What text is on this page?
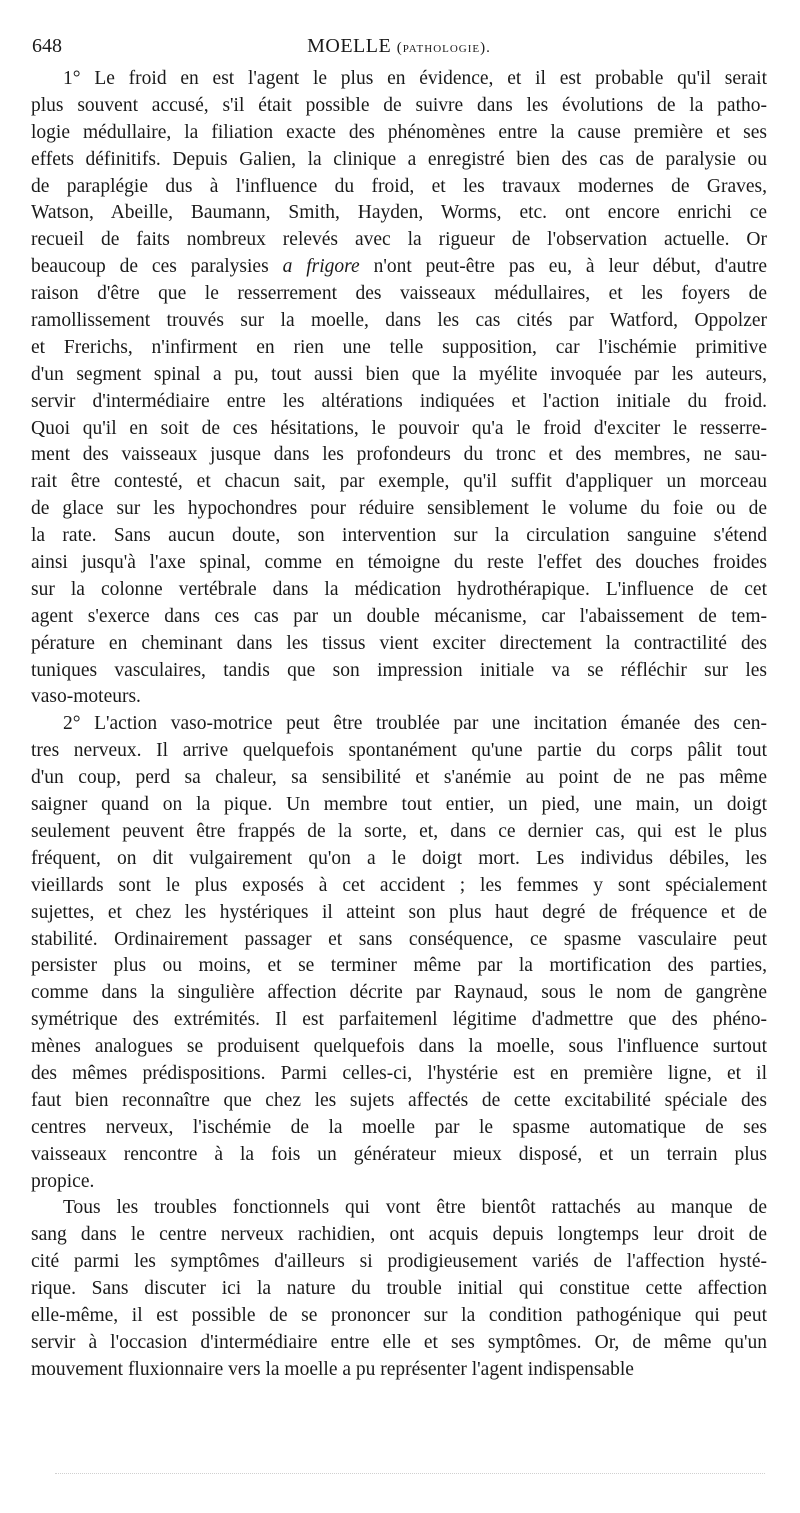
648	MOELLE (pathologie).
1° Le froid en est l'agent le plus en évidence, et il est probable qu'il serait
plus souvent accusé, s'il était possible de suivre dans les évolutions de la patho-
logie médullaire, la filiation exacte des phénomènes entre la cause première et ses
effets définitifs. Depuis Galien, la clinique a enregistré bien des cas de paralysie ou
de paraplégie dus à l'influence du froid, et les travaux modernes de Graves,
Watson, Abeille, Baumann, Smith, Hayden, Worms, etc. ont encore enrichi ce
recueil de faits nombreux relevés avec la rigueur de l'observation actuelle. Or
beaucoup de ces paralysies a frigore n'ont peut-être pas eu, à leur début, d'autre
raison d'être que le resserrement des vaisseaux médullaires, et les foyers de
ramollissement trouvés sur la moelle, dans les cas cités par Watford, Oppolzer
et Frerichs, n'infirment en rien une telle supposition, car l'ischémie primitive
d'un segment spinal a pu, tout aussi bien que la myélite invoquée par les auteurs,
servir d'intermédiaire entre les altérations indiquées et l'action initiale du froid.
Quoi qu'il en soit de ces hésitations, le pouvoir qu'a le froid d'exciter le resserre-
ment des vaisseaux jusque dans les profondeurs du tronc et des membres, ne sau-
rait être contesté, et chacun sait, par exemple, qu'il suffit d'appliquer un morceau
de glace sur les hypochondres pour réduire sensiblement le volume du foie ou de
la rate. Sans aucun doute, son intervention sur la circulation sanguine s'étend
ainsi jusqu'à l'axe spinal, comme en témoigne du reste l'effet des douches froides
sur la colonne vertébrale dans la médication hydrothérapique. L'influence de cet
agent s'exerce dans ces cas par un double mécanisme, car l'abaissement de tem-
pérature en cheminant dans les tissus vient exciter directement la contractilité des
tuniques vasculaires, tandis que son impression initiale va se réfléchir sur les
vaso-moteurs.
2° L'action vaso-motrice peut être troublée par une incitation émanée des cen-
tres nerveux. Il arrive quelquefois spontanément qu'une partie du corps pâlit tout
d'un coup, perd sa chaleur, sa sensibilité et s'anémie au point de ne pas même
saigner quand on la pique. Un membre tout entier, un pied, une main, un doigt
seulement peuvent être frappés de la sorte, et, dans ce dernier cas, qui est le plus
fréquent, on dit vulgairement qu'on a le doigt mort. Les individus débiles, les
vieillards sont le plus exposés à cet accident ; les femmes y sont spécialement
sujettes, et chez les hystériques il atteint son plus haut degré de fréquence et de
stabilité. Ordinairement passager et sans conséquence, ce spasme vasculaire peut
persister plus ou moins, et se terminer même par la mortification des parties,
comme dans la singulière affection décrite par Raynaud, sous le nom de gangrène
symétrique des extrémités. Il est parfaitemenl légitime d'admettre que des phéno-
mènes analogues se produisent quelquefois dans la moelle, sous l'influence surtout
des mêmes prédispositions. Parmi celles-ci, l'hystérie est en première ligne, et il
faut bien reconnaître que chez les sujets affectés de cette excitabilité spéciale des
centres nerveux, l'ischémie de la moelle par le spasme automatique de ses
vaisseaux rencontre à la fois un générateur mieux disposé, et un terrain plus
propice.
Tous les troubles fonctionnels qui vont être bientôt rattachés au manque de
sang dans le centre nerveux rachidien, ont acquis depuis longtemps leur droit de
cité parmi les symptômes d'ailleurs si prodigieusement variés de l'affection hysté-
rique. Sans discuter ici la nature du trouble initial qui constitue cette affection
elle-même, il est possible de se prononcer sur la condition pathogénique qui peut
servir à l'occasion d'intermédiaire entre elle et ses symptômes. Or, de même qu'un
mouvement fluxionnaire vers la moelle a pu représenter l'agent indispensable
